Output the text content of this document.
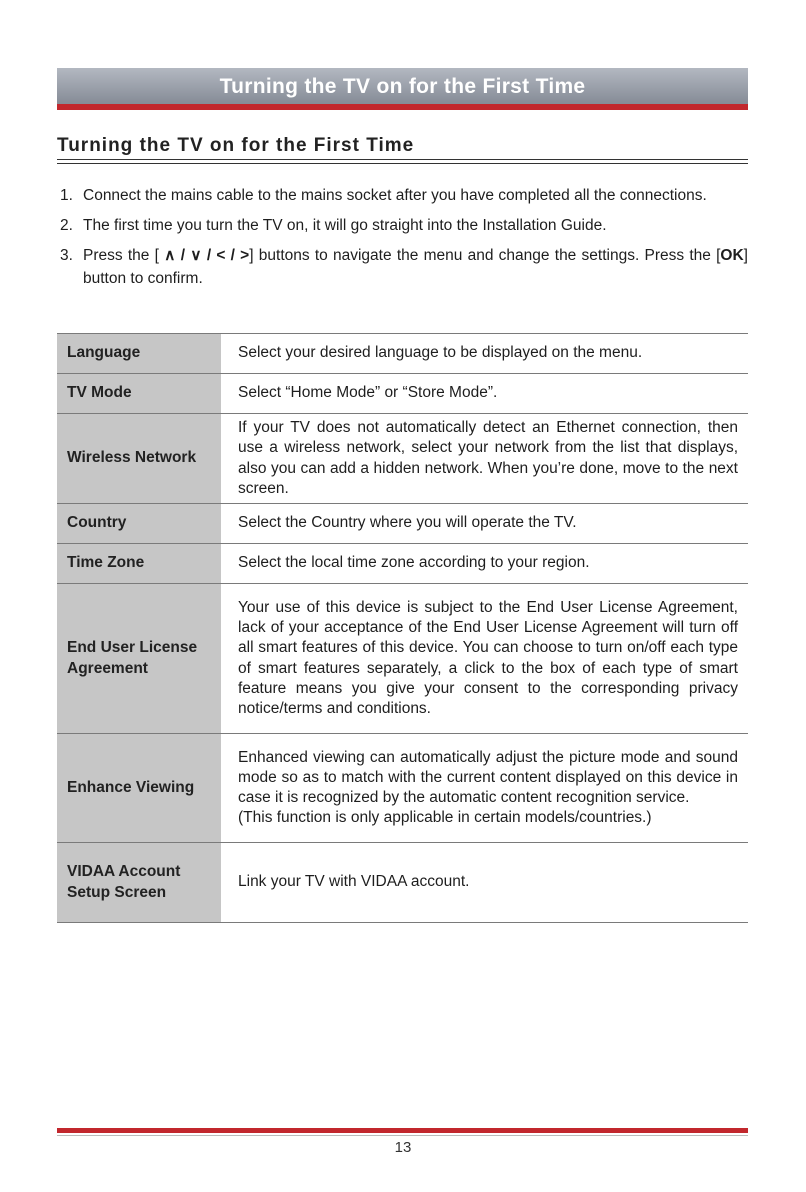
Turning the TV on for the First Time
Turning the TV on for the First Time
1. Connect the mains cable to the mains socket after you have completed all the connections.
2. The first time you turn the TV on, it will go straight into the Installation Guide.
3. Press the [ ∧ / ∨ / < / >] buttons to navigate the menu and change the settings. Press the [OK] button to confirm.
Language	Select your desired language to be displayed on the menu.
TV Mode	Select “Home Mode” or “Store Mode”.
Wireless Network	If your TV does not automatically detect an Ethernet connection, then use a wireless network, select your network from the list that displays, also you can add a hidden network. When you’re done, move to the next screen.
Country	Select the Country where you will operate the TV.
Time Zone	Select the local time zone according to your region.
End User License Agreement	Your use of this device is subject to the End User License Agreement, lack of your acceptance of the End User License Agreement will turn off all smart features of this device. You can choose to turn on/off each type of smart features separately, a click to the box of each type of smart feature means you give your consent to the corresponding privacy notice/terms and conditions.
Enhance Viewing	Enhanced viewing can automatically adjust the picture mode and sound mode so as to match with the current content displayed on this device in case it is recognized by the automatic content recognition service.
(This function is only applicable in certain models/countries.)
VIDAA Account Setup Screen	Link your TV with VIDAA account.
13
